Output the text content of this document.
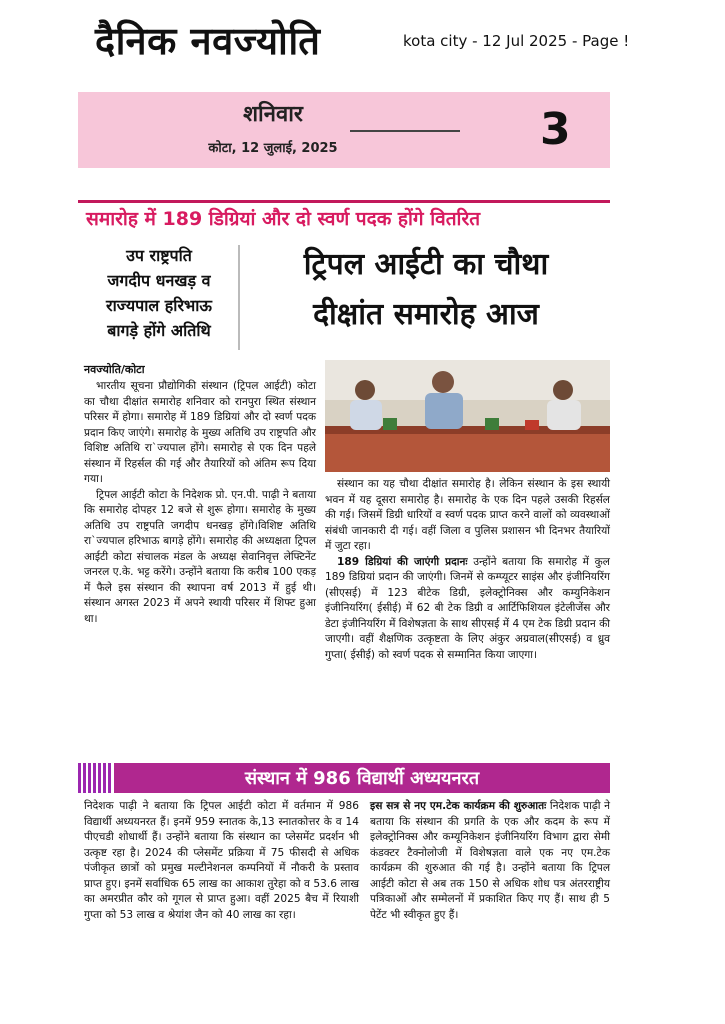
दैनिक नवज्योति	kota city - 12 Jul 2025 - Page !
शनिवार
कोटा, 12 जुलाई, 2025	3
समारोह में 189 डिग्रियां और दो स्वर्ण पदक होंगे वितरित
उप राष्ट्रपति
जगदीप धनखड़ व
राज्यपाल हरिभाऊ
बागड़े होंगे अतिथि
ट्रिपल आईटी का चौथा
दीक्षांत समारोह आज
नवज्योति/कोटा

भारतीय सूचना प्रौद्योगिकी संस्थान (ट्रिपल आईटी) कोटा का चौथा दीक्षांत समारोह शनिवार को रानपुरा स्थित संस्थान परिसर में होगा। समारोह में 189 डिग्रियां और दो स्वर्ण पदक प्रदान किए जाएंगे। समारोह के मुख्य अतिथि उप राष्ट्रपति और विशिष्ट अतिथि रा`ज्यपाल होंगे। समारोह से एक दिन पहले संस्थान में रिहर्सल की गई और तैयारियों को अंतिम रूप दिया गया।

ट्रिपल आईटी कोटा के निदेशक प्रो. एन.पी. पाढ़ी ने बताया कि समारोह दोपहर 12 बजे से शुरू होगा। समारोह के मुख्य अतिथि उप राष्ट्रपति जगदीप धनखड़ होंगे।विशिष्ट अतिथि रा`ज्यपाल हरिभाऊ बागड़े होंगे। समारोह की अध्यक्षता ट्रिपल आईटी कोटा संचालक मंडल के अध्यक्ष सेवानिवृत्त लेफ्टिनेंट जनरल ए.के. भट्ट करेंगे। उन्होंने बताया कि करीब 100 एकड़ में फैले इस संस्थान की स्थापना वर्ष 2013 में हुई थी। संस्थान अगस्त 2023 में अपने स्थायी परिसर में शिफ्ट हुआ था।

संस्थान का यह चौथा दीक्षांत समारोह है। लेकिन संस्थान के इस स्थायी भवन में यह दूसरा समारोह है। समारोह के एक दिन पहले उसकी रिहर्सल की गई। जिसमें डिग्री धारियों व स्वर्ण पदक प्राप्त करने वालों को व्यवस्थाओं संबंधी जानकारी दी गई। वहीं जिला व पुलिस प्रशासन भी दिनभर तैयारियों में जुटा रहा।

189 डिग्रियां की जाएंगी प्रदानः उन्होंने बताया कि समारोह में कुल 189 डिग्रियां प्रदान की जाएंगी। जिनमें से कम्प्यूटर साइंस और इंजीनियरिंग (सीएसई) में 123 बीटेक डिग्री, इलेक्ट्रोनिक्स और कम्युनिकेशन इंजीनियरिंग( ईसीई) में 62 बी टेक डिग्री व आर्टिफिशियल इंटेलीजेंस और डेटा इंजीनियरिंग में विशेषज्ञता के साथ सीएसई में 4 एम टेक डिग्री प्रदान की जाएगी। वहीं शैक्षणिक उत्कृष्टता के लिए अंकुर अग्रवाल(सीएसई) व ध्रुव गुप्ता( ईसीई) को स्वर्ण पदक से सम्मानित किया जाएगा।

संस्थान में 986 विद्यार्थी अध्ययनरत

निदेशक पाढ़ी ने बताया कि ट्रिपल आईटी कोटा में वर्तमान में 986 विद्यार्थी अध्ययनरत हैं। इनमें 959 स्नातक के,13 स्नातकोत्तर के व 14 पीएचडी शोधार्थी हैं। उन्होंने बताया कि संस्थान का प्लेसमेंट प्रदर्शन भी उत्कृष्ट रहा है। 2024 की प्लेसमेंट प्रक्रिया में 75 फीसदी से अधिक पंजीकृत छात्रों को प्रमुख मल्टीनेशनल कम्पनियों में नौकरी के प्रस्ताव प्राप्त हुए। इनमें सर्वाधिक 65 लाख का आकाश तुरेहा को व 53.6 लाख का अमरप्रीत कौर को गूगल से प्राप्त हुआ। वहीं 2025 बैच में रियाशी गुप्ता को 53 लाख व श्रेयांश जैन को 40 लाख का रहा।

इस सत्र से नए एम.टेक कार्यक्रम की शुरुआतः निदेशक पाढ़ी ने बताया कि संस्थान की प्रगति के एक और कदम के रूप में इलेक्ट्रोनिक्स और कम्यूनिकेशन इंजीनियरिंग विभाग द्वारा सेमी कंडक्टर टैक्नोलोजी में विशेषज्ञता वाले एक नए एम.टेक कार्यक्रम की शुरुआत की गई है। उन्होंने बताया कि ट्रिपल आईटी कोटा से अब तक 150 से अधिक शोध पत्र अंतरराष्ट्रीय पत्रिकाओं और सम्मेलनों में प्रकाशित किए गए हैं। साथ ही 5 पेटेंट भी स्वीकृत हुए हैं।
